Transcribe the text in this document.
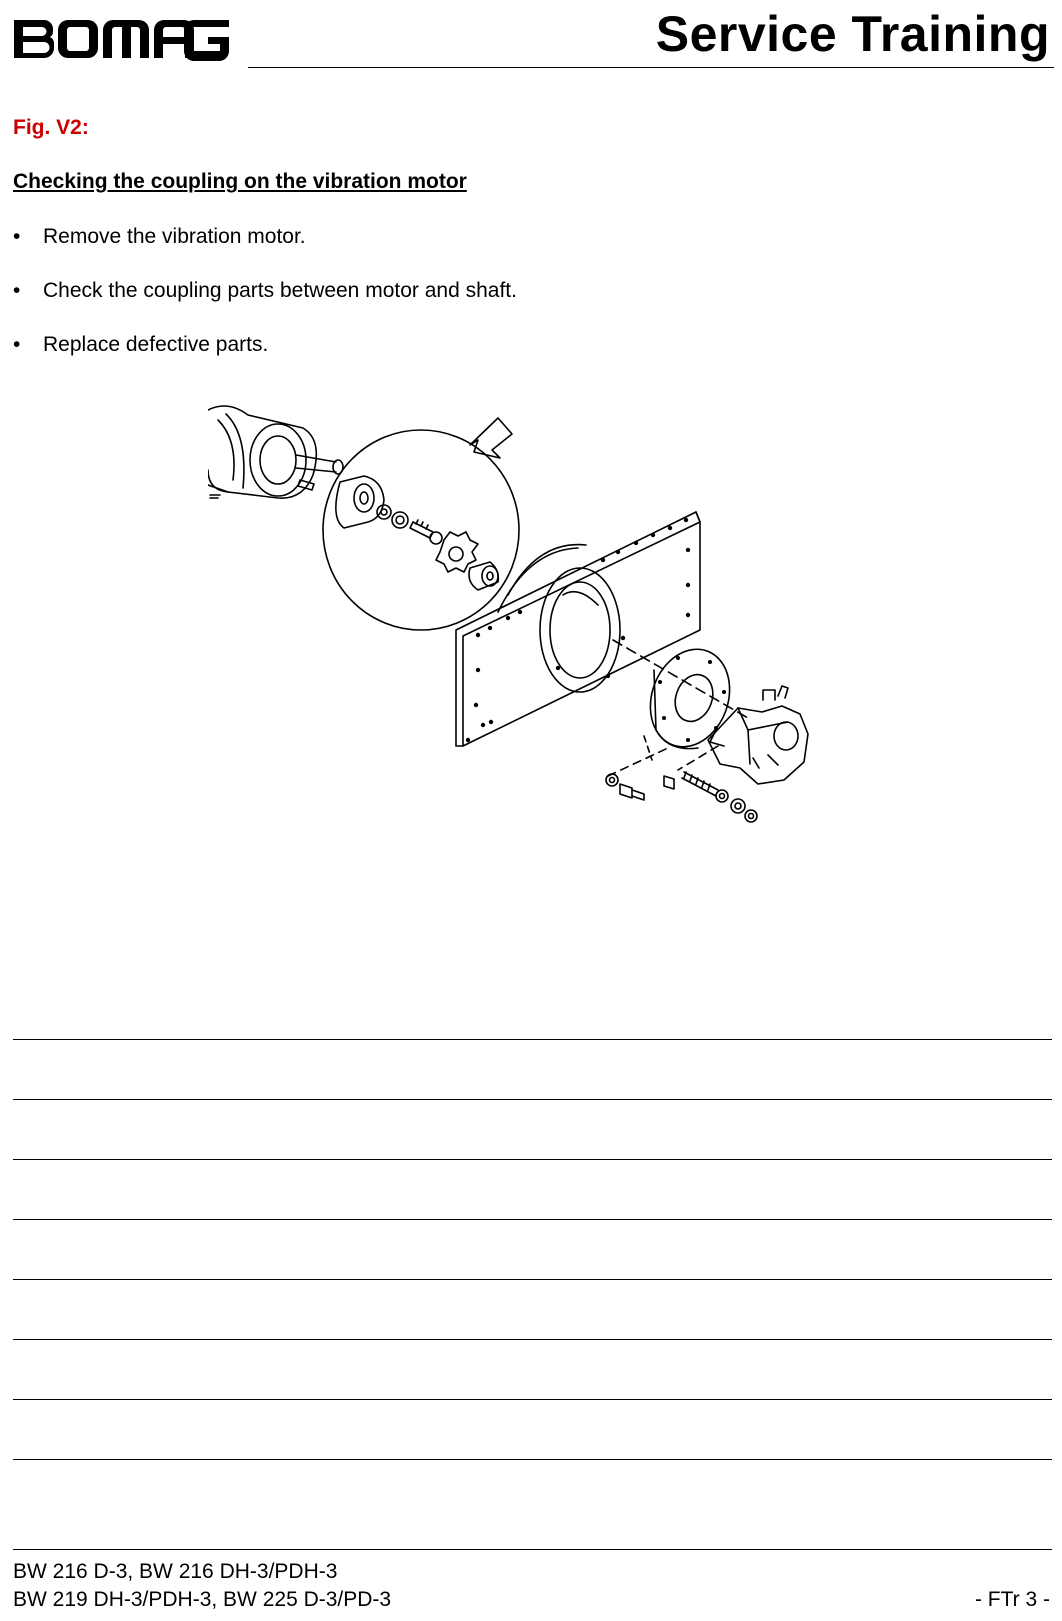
Service Training
Fig. V2:
Checking the coupling on the vibration motor
• Remove the vibration motor.
• Check the coupling parts between motor and shaft.
• Replace defective parts.
BW 216 D-3, BW 216 DH-3/PDH-3
BW 219 DH-3/PDH-3, BW 225 D-3/PD-3	- FTr 3 -
